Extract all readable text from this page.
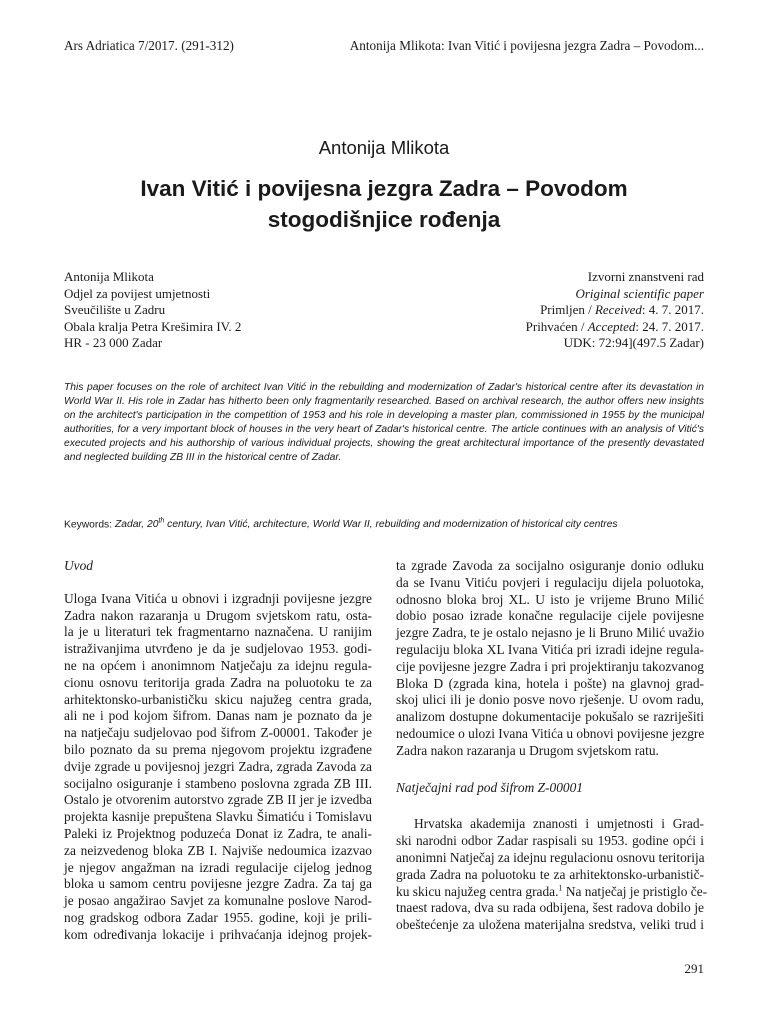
Ars Adriatica 7/2017. (291-312)	Antonija Mlikota: Ivan Vitić i povijesna jezgra Zadra – Povodom...
Antonija Mlikota
Ivan Vitić i povijesna jezgra Zadra – Povodom
stogodišnjice rođenja
Antonija Mlikota
Odjel za povijest umjetnosti
Sveučilište u Zadru
Obala kralja Petra Krešimira IV. 2
HR - 23 000 Zadar
Izvorni znanstveni rad
Original scientific paper
Primljen / Received: 4. 7. 2017.
Prihvaćen / Accepted: 24. 7. 2017.
UDK: 72:94](497.5 Zadar)

This paper focuses on the role of architect Ivan Vitić in the rebuilding and modernization of Zadar's historical centre after its devastation in World War II. His role in Zadar has hitherto been only fragmentarily researched. Based on archival research, the author offers new insights on the architect's participation in the competition of 1953 and his role in developing a master plan, commissioned in 1955 by the municipal authorities, for a very important block of houses in the very heart of Zadar's historical centre. The article continues with an analysis of Vitić's executed projects and his authorship of various individual projects, showing the great architectural importance of the presently devastated and neglected building ZB III in the historical centre of Zadar.

Keywords: Zadar, 20th century, Ivan Vitić, architecture, World War II, rebuilding and modernization of historical city centres
Uvod
Uloga Ivana Vitića u obnovi i izgradnji povijesne jezgre
Zadra nakon razaranja u Drugom svjetskom ratu, osta-
la je u literaturi tek fragmentarno naznačena. U ranijim
istraživanjima utvrđeno je da je sudjelovao 1953. godi-
ne na općem i anonimnom Natječaju za idejnu regula-
cionu osnovu teritorija grada Zadra na poluotoku te za
arhitektonsko-urbanističku skicu najužeg centra grada,
ali ne i pod kojom šifrom. Danas nam je poznato da je
na natječaju sudjelovao pod šifrom Z-00001. Također je
bilo poznato da su prema njegovom projektu izgrađene
dvije zgrade u povijesnoj jezgri Zadra, zgrada Zavoda za
socijalno osiguranje i stambeno poslovna zgrada ZB III.
Ostalo je otvorenim autorstvo zgrade ZB II jer je izvedba
projekta kasnije prepuštena Slavku Šimatiću i Tomislavu
Paleki iz Projektnog poduzeća Donat iz Zadra, te anali-
za neizvedenog bloka ZB I. Najviše nedoumica izazvao
je njegov angažman na izradi regulacije cijelog jednog
bloka u samom centru povijesne jezgre Zadra. Za taj ga
je posao angažirao Savjet za komunalne poslove Narod-
nog gradskog odbora Zadar 1955. godine, koji je prili-
kom određivanja lokacije i prihvaćanja idejnog projek-
ta zgrade Zavoda za socijalno osiguranje donio odluku
da se Ivanu Vitiću povjeri i regulaciju dijela poluotoka,
odnosno bloka broj XL. U isto je vrijeme Bruno Milić
dobio posao izrade konačne regulacije cijele povijesne
jezgre Zadra, te je ostalo nejasno je li Bruno Milić uvažio
regulaciju bloka XL Ivana Vitića pri izradi idejne regula-
cije povijesne jezgre Zadra i pri projektiranju takozvanog
Bloka D (zgrada kina, hotela i pošte) na glavnoj grad-
skoj ulici ili je donio posve novo rješenje. U ovom radu,
analizom dostupne dokumentacije pokušalo se razriješiti
nedoumice o ulozi Ivana Vitića u obnovi povijesne jezgre
Zadra nakon razaranja u Drugom svjetskom ratu.
Natječajni rad pod šifrom Z-00001
Hrvatska akademija znanosti i umjetnosti i Grad-
ski narodni odbor Zadar raspisali su 1953. godine opći i
anonimni Natječaj za idejnu regulacionu osnovu teritorija
grada Zadra na poluotoku te za arhitektonsko-urbanistič-
ku skicu najužeg centra grada.$^1$ Na natječaj je pristiglo če-
tnaest radova, dva su rada odbijena, šest radova dobilo je
obeštećenje za uložena materijalna sredstva, veliki trud i
291
